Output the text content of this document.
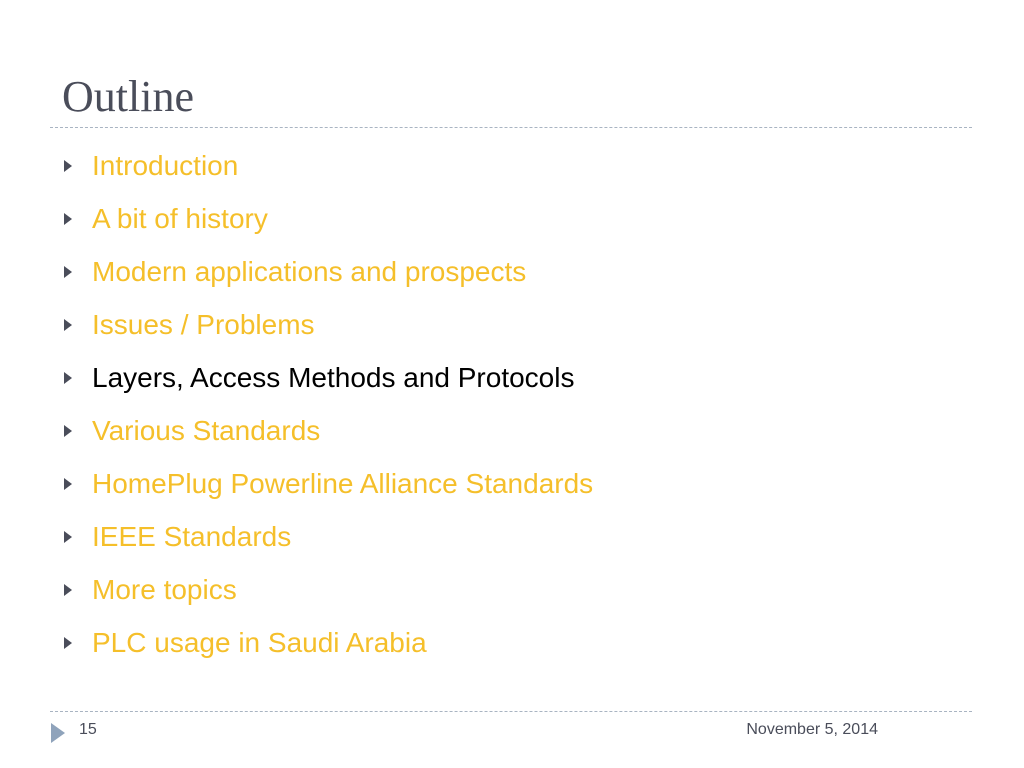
Outline
Introduction
A bit of history
Modern applications and prospects
Issues / Problems
Layers, Access Methods and Protocols
Various Standards
HomePlug Powerline Alliance Standards
IEEE Standards
More topics
PLC usage in Saudi Arabia
15	November 5, 2014
